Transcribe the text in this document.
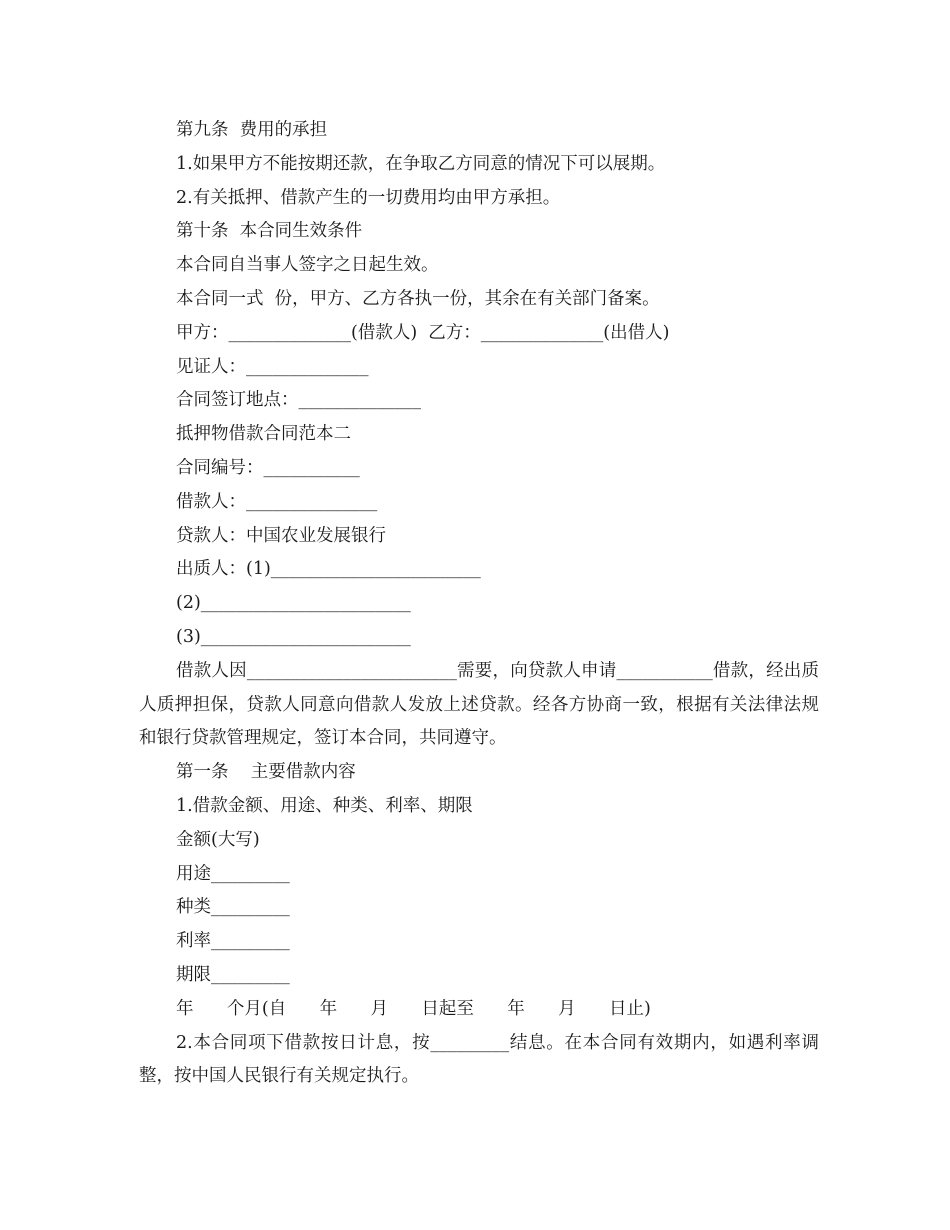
第九条  费用的承担
1.如果甲方不能按期还款，在争取乙方同意的情况下可以展期。
2.有关抵押、借款产生的一切费用均由甲方承担。
第十条  本合同生效条件
本合同自当事人签字之日起生效。
本合同一式  份，甲方、乙方各执一份，其余在有关部门备案。
甲方：______________(借款人)  乙方：______________(出借人)
见证人：______________
合同签订地点：______________
抵押物借款合同范本二
合同编号：___________
借款人：_______________
贷款人：中国农业发展银行
出质人：(1)________________________
(2)________________________
(3)________________________

借款人因________________________需要，向贷款人申请___________借款，经出质人质押担保，贷款人同意向借款人发放上述贷款。经各方协商一致，根据有关法律法规和银行贷款管理规定，签订本合同，共同遵守。

第一条    主要借款内容
1.借款金额、用途、种类、利率、期限
金额(大写)
用途_________
种类_________
利率_________
期限_________
年      个月(自      年      月      日起至      年      月      日止)

2.本合同项下借款按日计息，按_________结息。在本合同有效期内，如遇利率调整，按中国人民银行有关规定执行。
